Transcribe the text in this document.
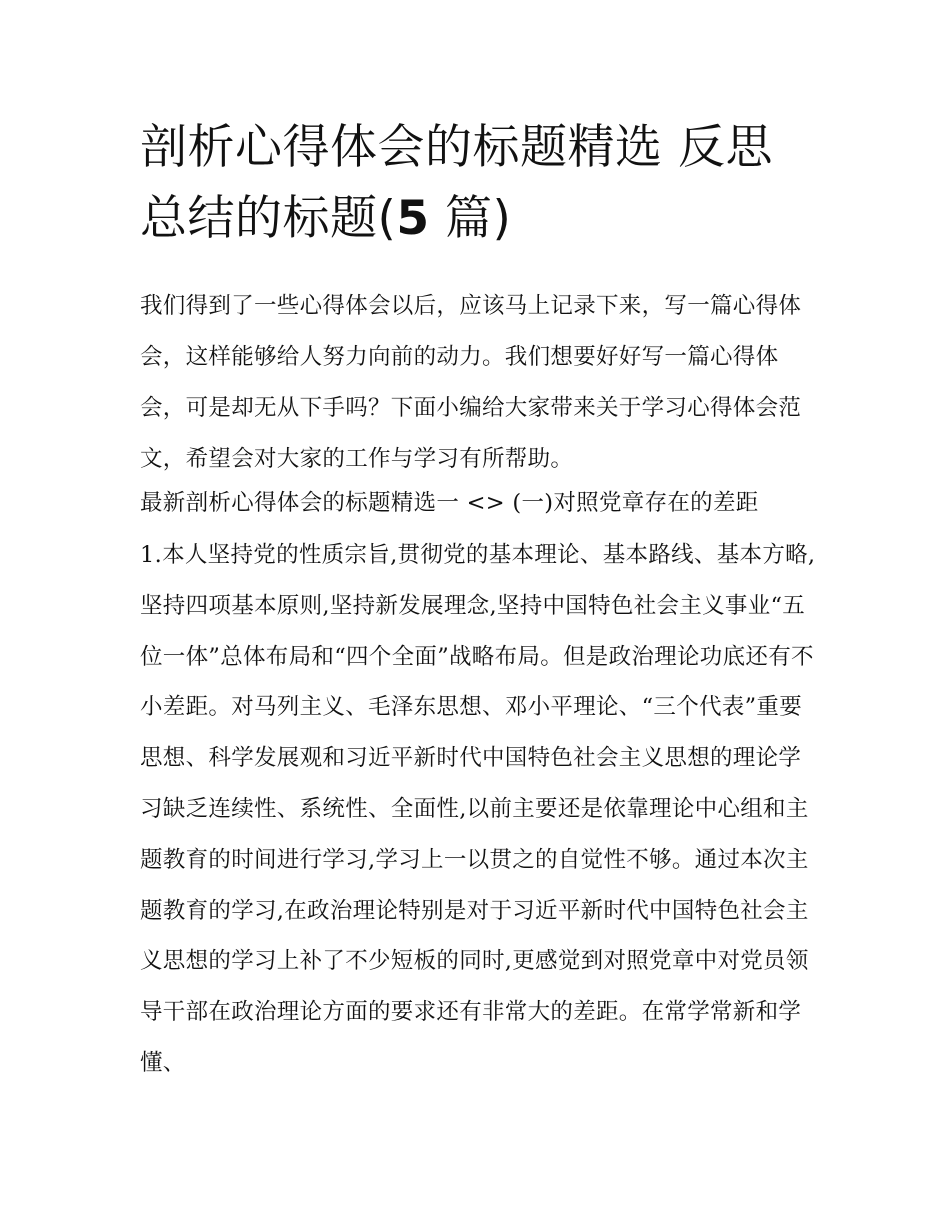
剖析心得体会的标题精选 反思总结的标题(5 篇)

我们得到了一些心得体会以后，应该马上记录下来，写一篇心得体会，这样能够给人努力向前的动力。我们想要好好写一篇心得体会，可是却无从下手吗？下面小编给大家带来关于学习心得体会范文，希望会对大家的工作与学习有所帮助。

最新剖析心得体会的标题精选一 <> (一)对照党章存在的差距

1.本人坚持党的性质宗旨,贯彻党的基本理论、基本路线、基本方略,坚持四项基本原则,坚持新发展理念,坚持中国特色社会主义事业“五位一体”总体布局和“四个全面”战略布局。但是政治理论功底还有不小差距。对马列主义、毛泽东思想、邓小平理论、“三个代表”重要思想、科学发展观和习近平新时代中国特色社会主义思想的理论学习缺乏连续性、系统性、全面性,以前主要还是依靠理论中心组和主题教育的时间进行学习,学习上一以贯之的自觉性不够。通过本次主题教育的学习,在政治理论特别是对于习近平新时代中国特色社会主义思想的学习上补了不少短板的同时,更感觉到对照党章中对党员领导干部在政治理论方面的要求还有非常大的差距。在常学常新和学懂、
